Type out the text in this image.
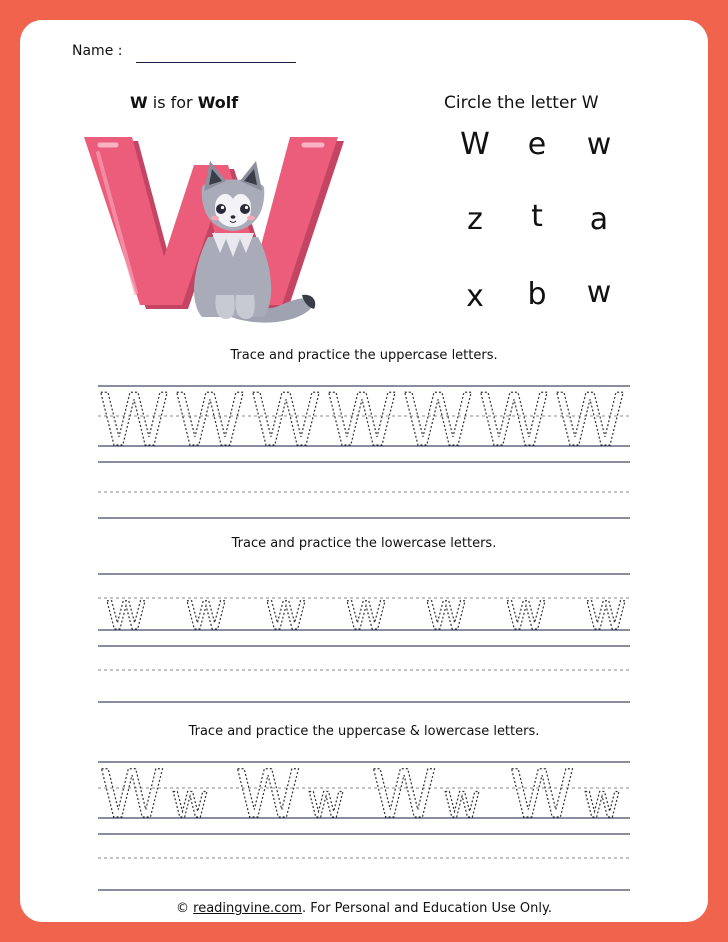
Name :
W is for Wolf	Circle the letter W
W	e	w
z	t	a
x	b	w
Trace and practice the uppercase letters.
W W W W W W W
Trace and practice the lowercase letters.
w w w w w w w
Trace and practice the uppercase & lowercase letters.
W w W w W w W w
© readingvine.com. For Personal and Education Use Only.
